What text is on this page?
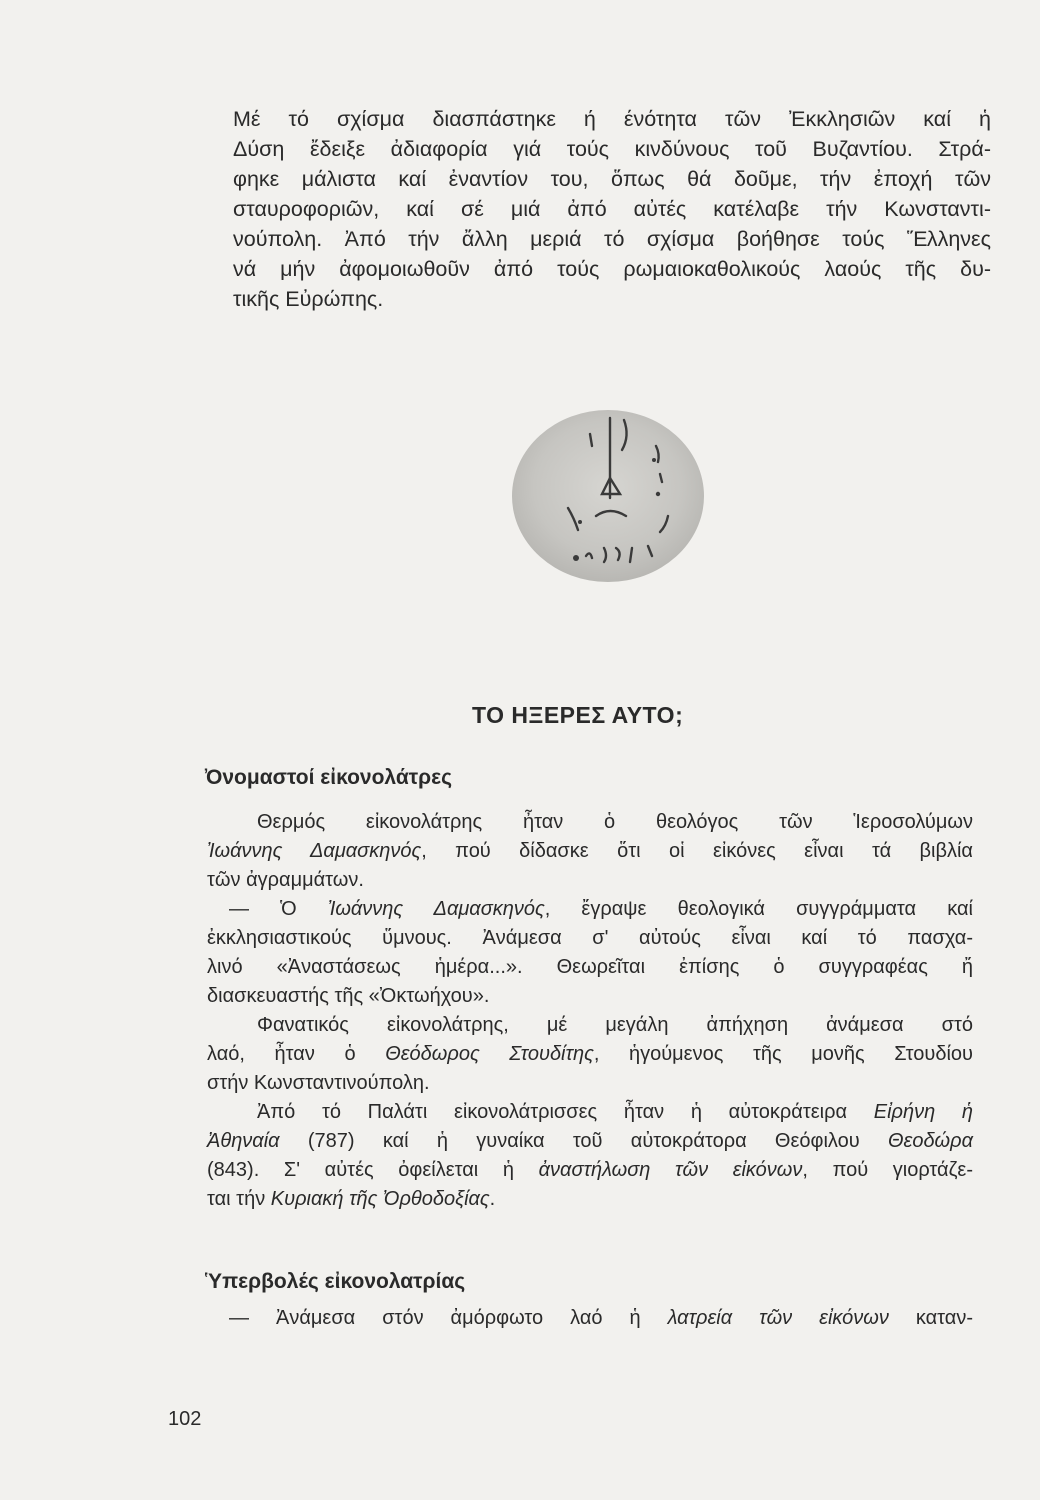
Μέ τό σχίσμα διασπάστηκε ή ένότητα τῶν Ἐκκλησιῶν καί ἡ
Δύση ἔδειξε ἀδιαφορία γιά τούς κινδύνους τοῦ Βυζαντίου. Στρά-
φηκε μάλιστα καί ἐναντίον του, ὅπως θά δοῦμε, τήν ἐποχή τῶν
σταυροφοριῶν, καί σέ μιά ἀπό αὐτές κατέλαβε τήν Κωνσταντι-
νούπολη. Ἀπό τήν ἄλλη μεριά τό σχίσμα βοήθησε τούς Ἕλληνες
νά μήν ἀφομοιωθοῦν ἀπό τούς ρωμαιοκαθολικούς λαούς τῆς δυ-
τικῆς Εὐρώπης.
ΤΟ ΗΞΕΡΕΣ ΑΥΤΟ;
Ὀνομαστοί εἰκονολάτρες
Θερμός εἰκονολάτρης ἦταν ὁ θεολόγος τῶν Ἱεροσολύμων
Ἰωάννης Δαμασκηνός, πού δίδασκε ὅτι οἱ εἰκόνες εἶναι τά βιβλία
τῶν ἀγραμμάτων.
— Ὁ Ἰωάννης Δαμασκηνός, ἔγραψε θεολογικά συγγράμματα καί
ἐκκλησιαστικούς ὕμνους. Ἀνάμεσα σ' αὐτούς εἶναι καί τό πασχα-
λινό «Ἀναστάσεως ἡμέρα...». Θεωρεῖται ἐπίσης ὁ συγγραφέας ἤ
διασκευαστής τῆς «Ὀκτωήχου».
Φανατικός εἰκονολάτρης, μέ μεγάλη ἀπήχηση ἀνάμεσα στό
λαό, ἦταν ὁ Θεόδωρος Στουδίτης, ἡγούμενος τῆς μονῆς Στουδίου
στήν Κωνσταντινούπολη.
Ἀπό τό Παλάτι εἰκονολάτρισσες ἦταν ἡ αὐτοκράτειρα Εἰρήνη ἡ
Ἀθηναία (787) καί ἡ γυναίκα τοῦ αὐτοκράτορα Θεόφιλου Θεοδώρα
(843). Σ' αὐτές ὀφείλεται ἡ ἀναστήλωση τῶν εἰκόνων, πού γιορτάζε-
ται τήν Κυριακή τῆς Ὀρθοδοξίας.
Ὑπερβολές εἰκονολατρίας
— Ἀνάμεσα στόν ἀμόρφωτο λαό ἡ λατρεία τῶν εἰκόνων καταν-

102
